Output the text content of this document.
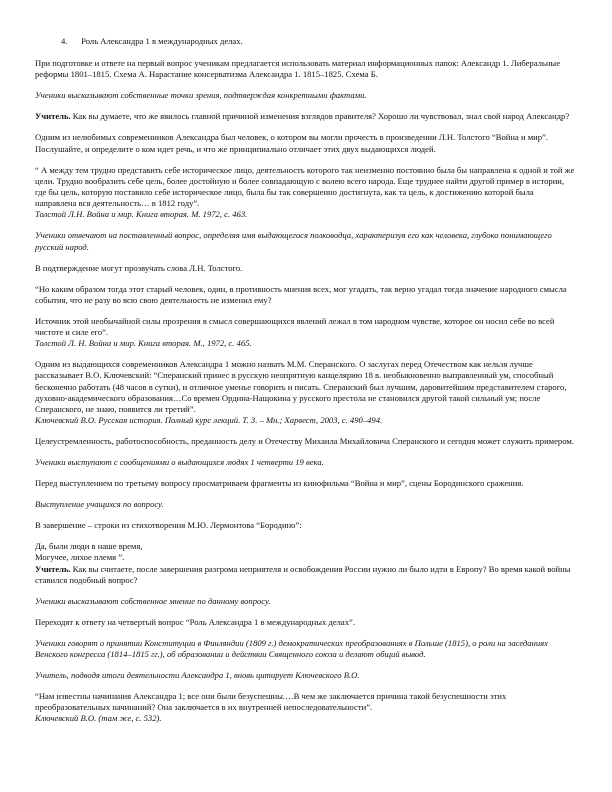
4. Роль Александра 1 в международных делах.

При подготовке и ответе на первый вопрос ученикам предлагается использовать материал информационных папок: Александр 1. Либеральные реформы 1801–1815. Схема А. Нарастание консерватизма Александра 1. 1815–1825. Схема Б.

Ученики высказывают собственные точки зрения, подтверждая конкретными фактами.

Учитель. Как вы думаете, что же явилось главной причиной изменения взглядов правителя? Хорошо ли чувствовал, знал свой народ Александр?

Одним из нелюбимых современников Александра был человек, о котором вы могли прочесть в произведении Л.Н. Толстого “Война и мир”. Послушайте, и определите о ком идет речь, и что же принципиально отличает этих двух выдающихся людей.

“ А между тем трудно представить себе историческое лицо, деятельность которого так неизменно постоянно была бы направлена к одной и той же цели. Трудно вообразить себе цель, более достойную и более совпадающую с волею всего народа. Еще труднее найти другой пример в истории, где бы цель, которую поставило себе историческое лицо, была бы так совершенно достигнута, как та цель, к достижению которой была направлена вся деятельность… в 1812 году”.
Толстой Л.Н. Война и мир. Книга вторая. М. 1972, с. 463.

Ученики отвечают на поставленный вопрос, определяя имя выдающегося полководца, характеризуя его как человека, глубоко понимающего русский народ.

В подтверждение могут прозвучать слова Л.Н. Толстого.

“Но каким образом тогда этот старый человек, один, в противность мнения всех, мог угадать, так верно угадал тогда значение народного смысла события, что не разу во всю свою деятельность не изменил ему?

Источник этой необычайной силы прозрения в смысл совершающихся явлений лежал в том народном чувстве, которое он носил себе во всей чистоте и силе его”.
Толстой Л. Н. Война и мир. Книга вторая. М., 1972, с. 465.

Одним из выдающихся современников Александра 1 можно назвать М.М. Сперанского. О заслугах перед Отечеством как нельзя лучше рассказывает В.О. Ключевский: “Сперанский принес в русскую неопрятную канцелярию 18 в. необыкновенно выправленный ум, способный бесконечно работать (48 часов в сутки), и отличное уменье говорить и писать. Сперанский был лучшим, даровитейшим представителем старого, духовно-академического образования…Со времен Ордина-Нащокина у русского престола не становился другой такой сильный ум; после Сперанского, не знаю, появится ли третий”.
Ключевский В.О. Русская история. Полный курс лекций. Т. 3. – Мн.; Харвест, 2003, с. 490–494.

Целеустремленность, работоспособность, преданность делу и Отечеству Михаила Михайловича Сперанского и сегодня может служить примером.

Ученики выступают с сообщениями о выдающихся людях 1 четверти 19 века.

Перед выступлением по третьему вопросу просматриваем фрагменты из кинофильма “Война и мир”, сцены Бородинского сражения.

Выступление учащихся по вопросу.

В завершение – строки из стихотворения М.Ю. Лермонтова “Бородино”:

Да, были люди в наше время,
Могучее, лихое племя ”.

Учитель. Как вы считаете, после завершения разгрома неприятеля и освобождения России нужно ли было идти в Европу? Во время какой войны ставился подобный вопрос?

Ученики высказывают собственное мнение по данному вопросу.

Переходят к ответу на четвертый вопрос “Роль Александра 1 в международных делах”.

Ученики говорят о принятии Конституции в Финляндии (1809 г.) демократических преобразованиях в Польше (1815), о роли на заседаниях Венского конгресса (1814–1815 гг.), об образовании и действии Священного союза и делают общий вывод.

Учитель, подводя итоги деятельности Александра 1, вновь цитирует Ключевского В.О.

“Нам известны начинания Александра 1; все они были безуспешны.…В чем же заключается причина такой безуспешности этих преобразовательных начинаний? Она заключается в их внутренней непоследовательности”.
Ключевский В.О. (там же, с. 532).
